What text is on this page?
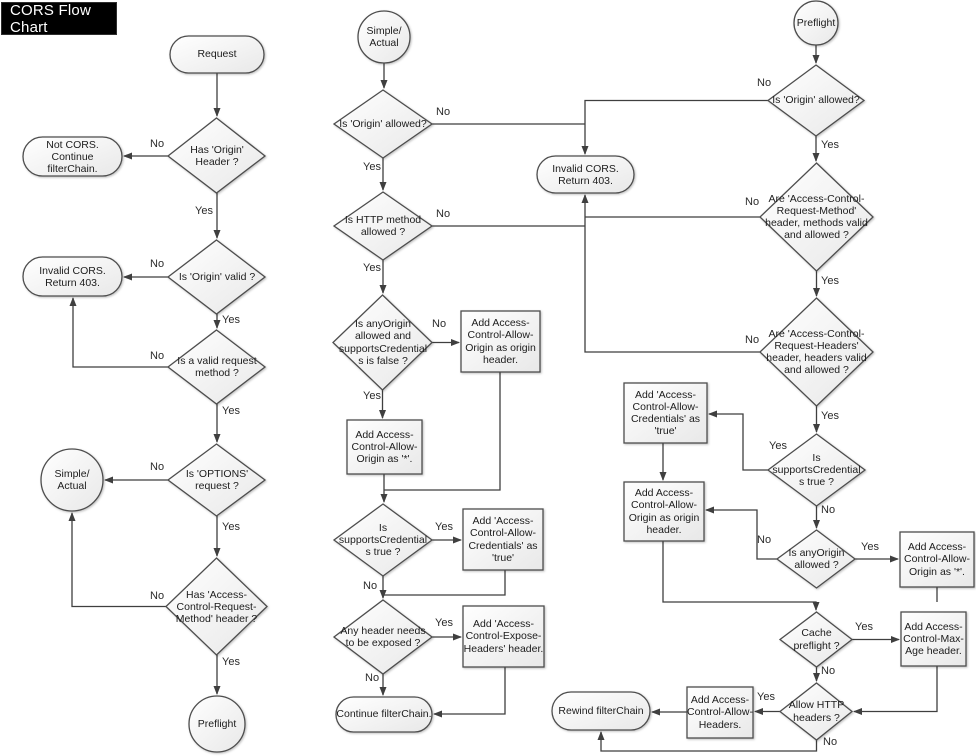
CORS Flow Chart
Request
Has 'Origin' Header ?
Not CORS. Continue filterChain.
Is 'Origin' valid ?
Invalid CORS. Return 403.
Is a valid request method ?
Simple/ Actual
Is 'OPTIONS' request ?
Has 'Access-Control-Request-Method' header ?
Preflight
Simple/ Actual
Is 'Origin' allowed?
Invalid CORS. Return 403.
Is HTTP method allowed ?
Is anyOrigin allowed and supportsCredentials is false ?
Add Access-Control-Allow-Origin as origin header.
Add Access-Control-Allow-Origin as '*'.
Is supportsCredentials true ?
Add 'Access-Control-Allow-Credentials' as 'true'
Any header needs to be exposed ?
Add 'Access-Control-Expose-Headers' header.
Continue filterChain.
Preflight
Is 'Origin' allowed?
Are 'Access-Control-Request-Method' header, methods valid and allowed ?
Are 'Access-Control-Request-Headers' header, headers valid and allowed ?
Add 'Access-Control-Allow-Credentials' as 'true'
Is supportsCredentials true ?
Add Access-Control-Allow-Origin as origin header.
Is anyOrigin allowed ?
Add Access-Control-Allow-Origin as '*'.
Cache preflight ?
Add Access-Control-Max-Age header.
Allow HTTP headers ?
Add Access-Control-Allow-Headers.
Rewind filterChain
No
Yes
No
Yes
No
Yes
No
Yes
No
Yes
No
Yes
No
Yes
No
Yes
Yes
No
Yes
No
No
Yes
No
Yes
No
Yes
Yes
No
No
Yes
Yes
No
Yes
No
